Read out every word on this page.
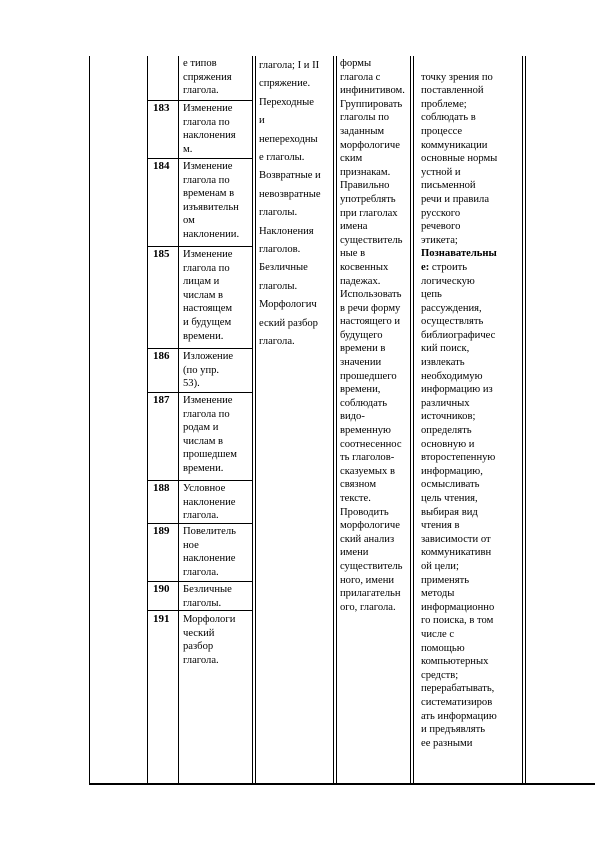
е типов
спряжения
глагола.
183 Изменение
глагола по
наклонения
м.
184 Изменение
глагола по
временам в
изъявительн
ом
наклонении.
185 Изменение
глагола по
лицам и
числам в
настоящем
и будущем
времени.
186 Изложение
(по упр.
53).
187 Изменение
глагола по
родам и
числам в
прошедшем
времени.
188 Условное
наклонение
глагола.
189 Повелитель
ное
наклонение
глагола.
190 Безличные
глаголы.
191 Морфологи
ческий
разбор
глагола.
глагола; I и II
спряжение.
Переходные
и
непереходны
е глаголы.
Возвратные и
невозвратные
глаголы.
Наклонения
глаголов.
Безличные
глаголы.
Морфологич
еский разбор
глагола.
формы
глагола с
инфинитивом.
Группировать
глаголы по
заданным
морфологиче
ским
признакам.
Правильно
употреблять
при глаголах
имена
существитель
ные в
косвенных
падежах.
Использовать
в речи форму
настоящего и
будущего
времени в
значении
прошедшего
времени,
соблюдать
видо-
временную
соотнесеннос
ть глаголов-
сказуемых в
связном
тексте.
Проводить
морфологиче
ский анализ
имени
существитель
ного, имени
прилагательн
ого, глагола.

точку зрения по
поставленной
проблеме;
соблюдать в
процессе
коммуникации
основные нормы
устной и
письменной
речи и правила
русского
речевого
этикета;
Познавательны
е: строить
логическую
цепь
рассуждения,
осуществлять
библиографичес
кий поиск,
извлекать
необходимую
информацию из
различных
источников;
определять
основную и
второстепенную
информацию,
осмысливать
цель чтения,
выбирая вид
чтения в
зависимости от
коммуникативн
ой цели;
применять
методы
информационно
го поиска, в том
числе с
помощью
компьютерных
средств;
перерабатывать,
систематизиров
ать информацию
и предъявлять
ее разными
